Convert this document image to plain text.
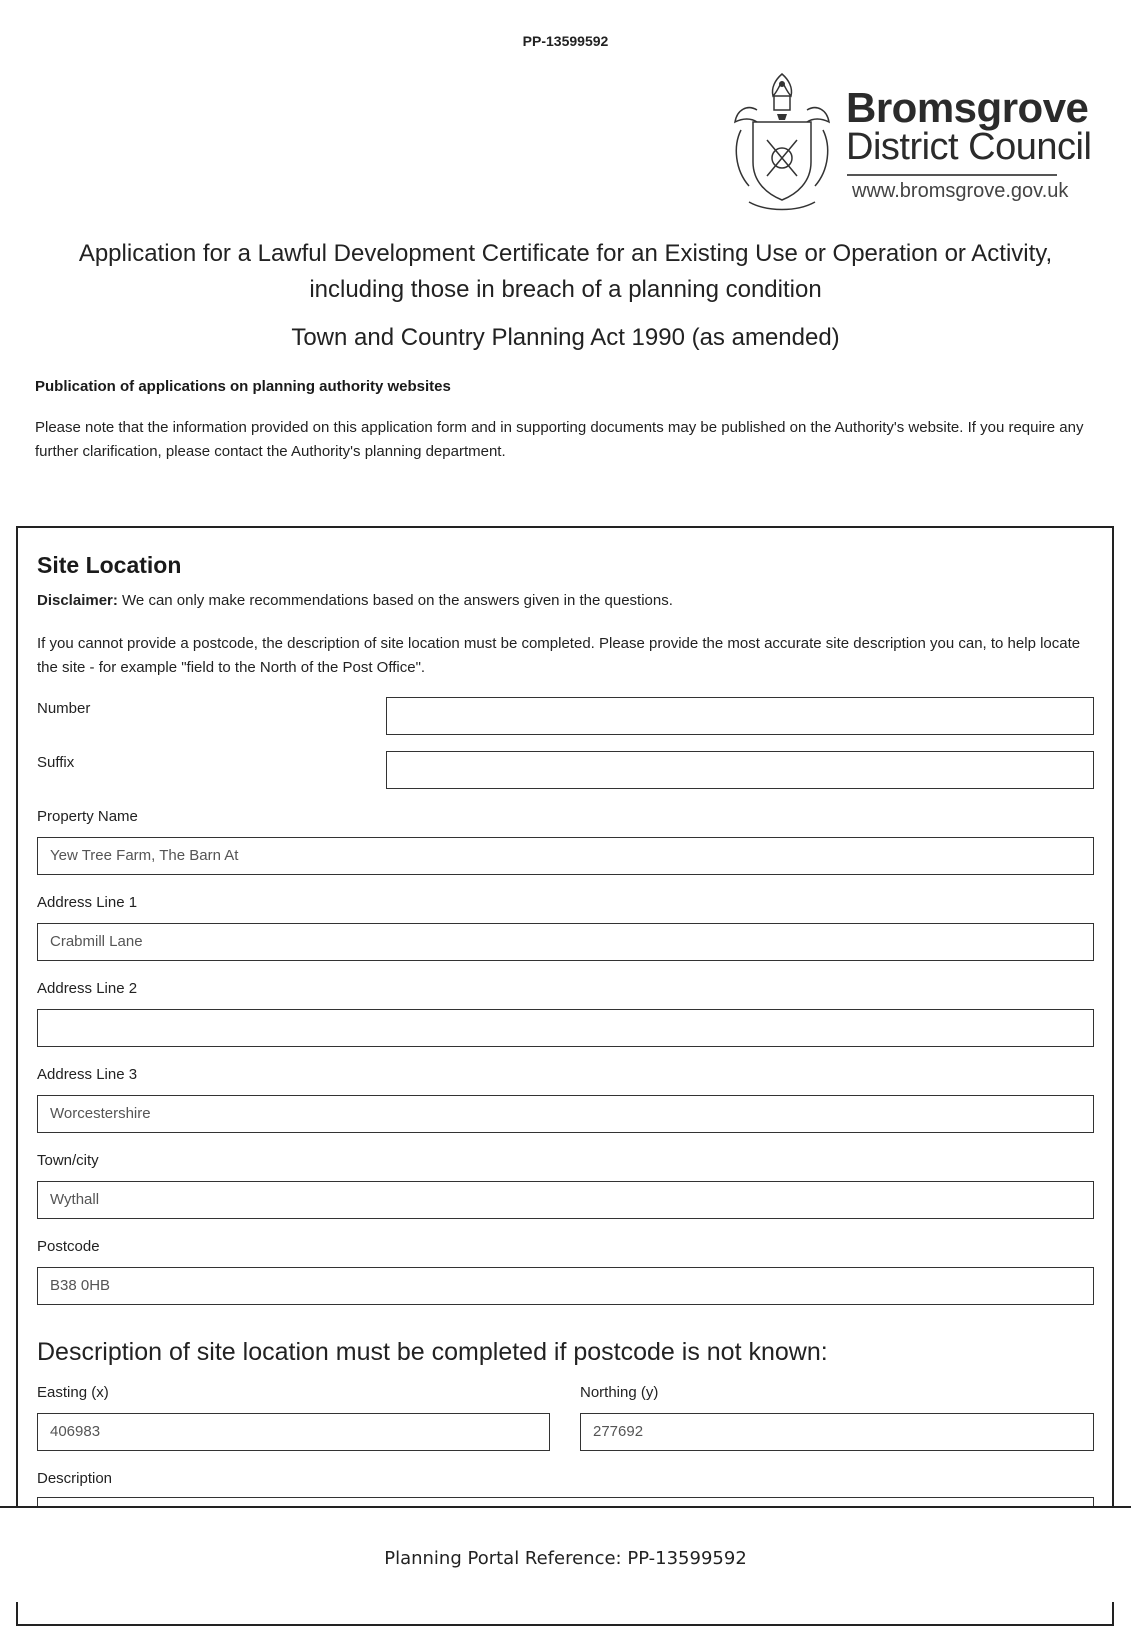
PP-13599592
Bromsgrove
District Council
www.bromsgrove.gov.uk
Application for a Lawful Development Certificate for an Existing Use or Operation or Activity,
including those in breach of a planning condition
Town and Country Planning Act 1990 (as amended)
Publication of applications on planning authority websites
Please note that the information provided on this application form and in supporting documents may be published on the Authority's website. If you require any further clarification, please contact the Authority's planning department.
Site Location
Disclaimer: We can only make recommendations based on the answers given in the questions.
If you cannot provide a postcode, the description of site location must be completed. Please provide the most accurate site description you can, to help locate the site - for example "field to the North of the Post Office".
Number
Suffix
Property Name
Yew Tree Farm, The Barn At
Address Line 1
Crabmill Lane
Address Line 2
Address Line 3
Worcestershire
Town/city
Wythall
Postcode
B38 0HB
Description of site location must be completed if postcode is not known:
Easting (x)
406983
Northing (y)
277692
Description
Planning Portal Reference: PP-13599592
